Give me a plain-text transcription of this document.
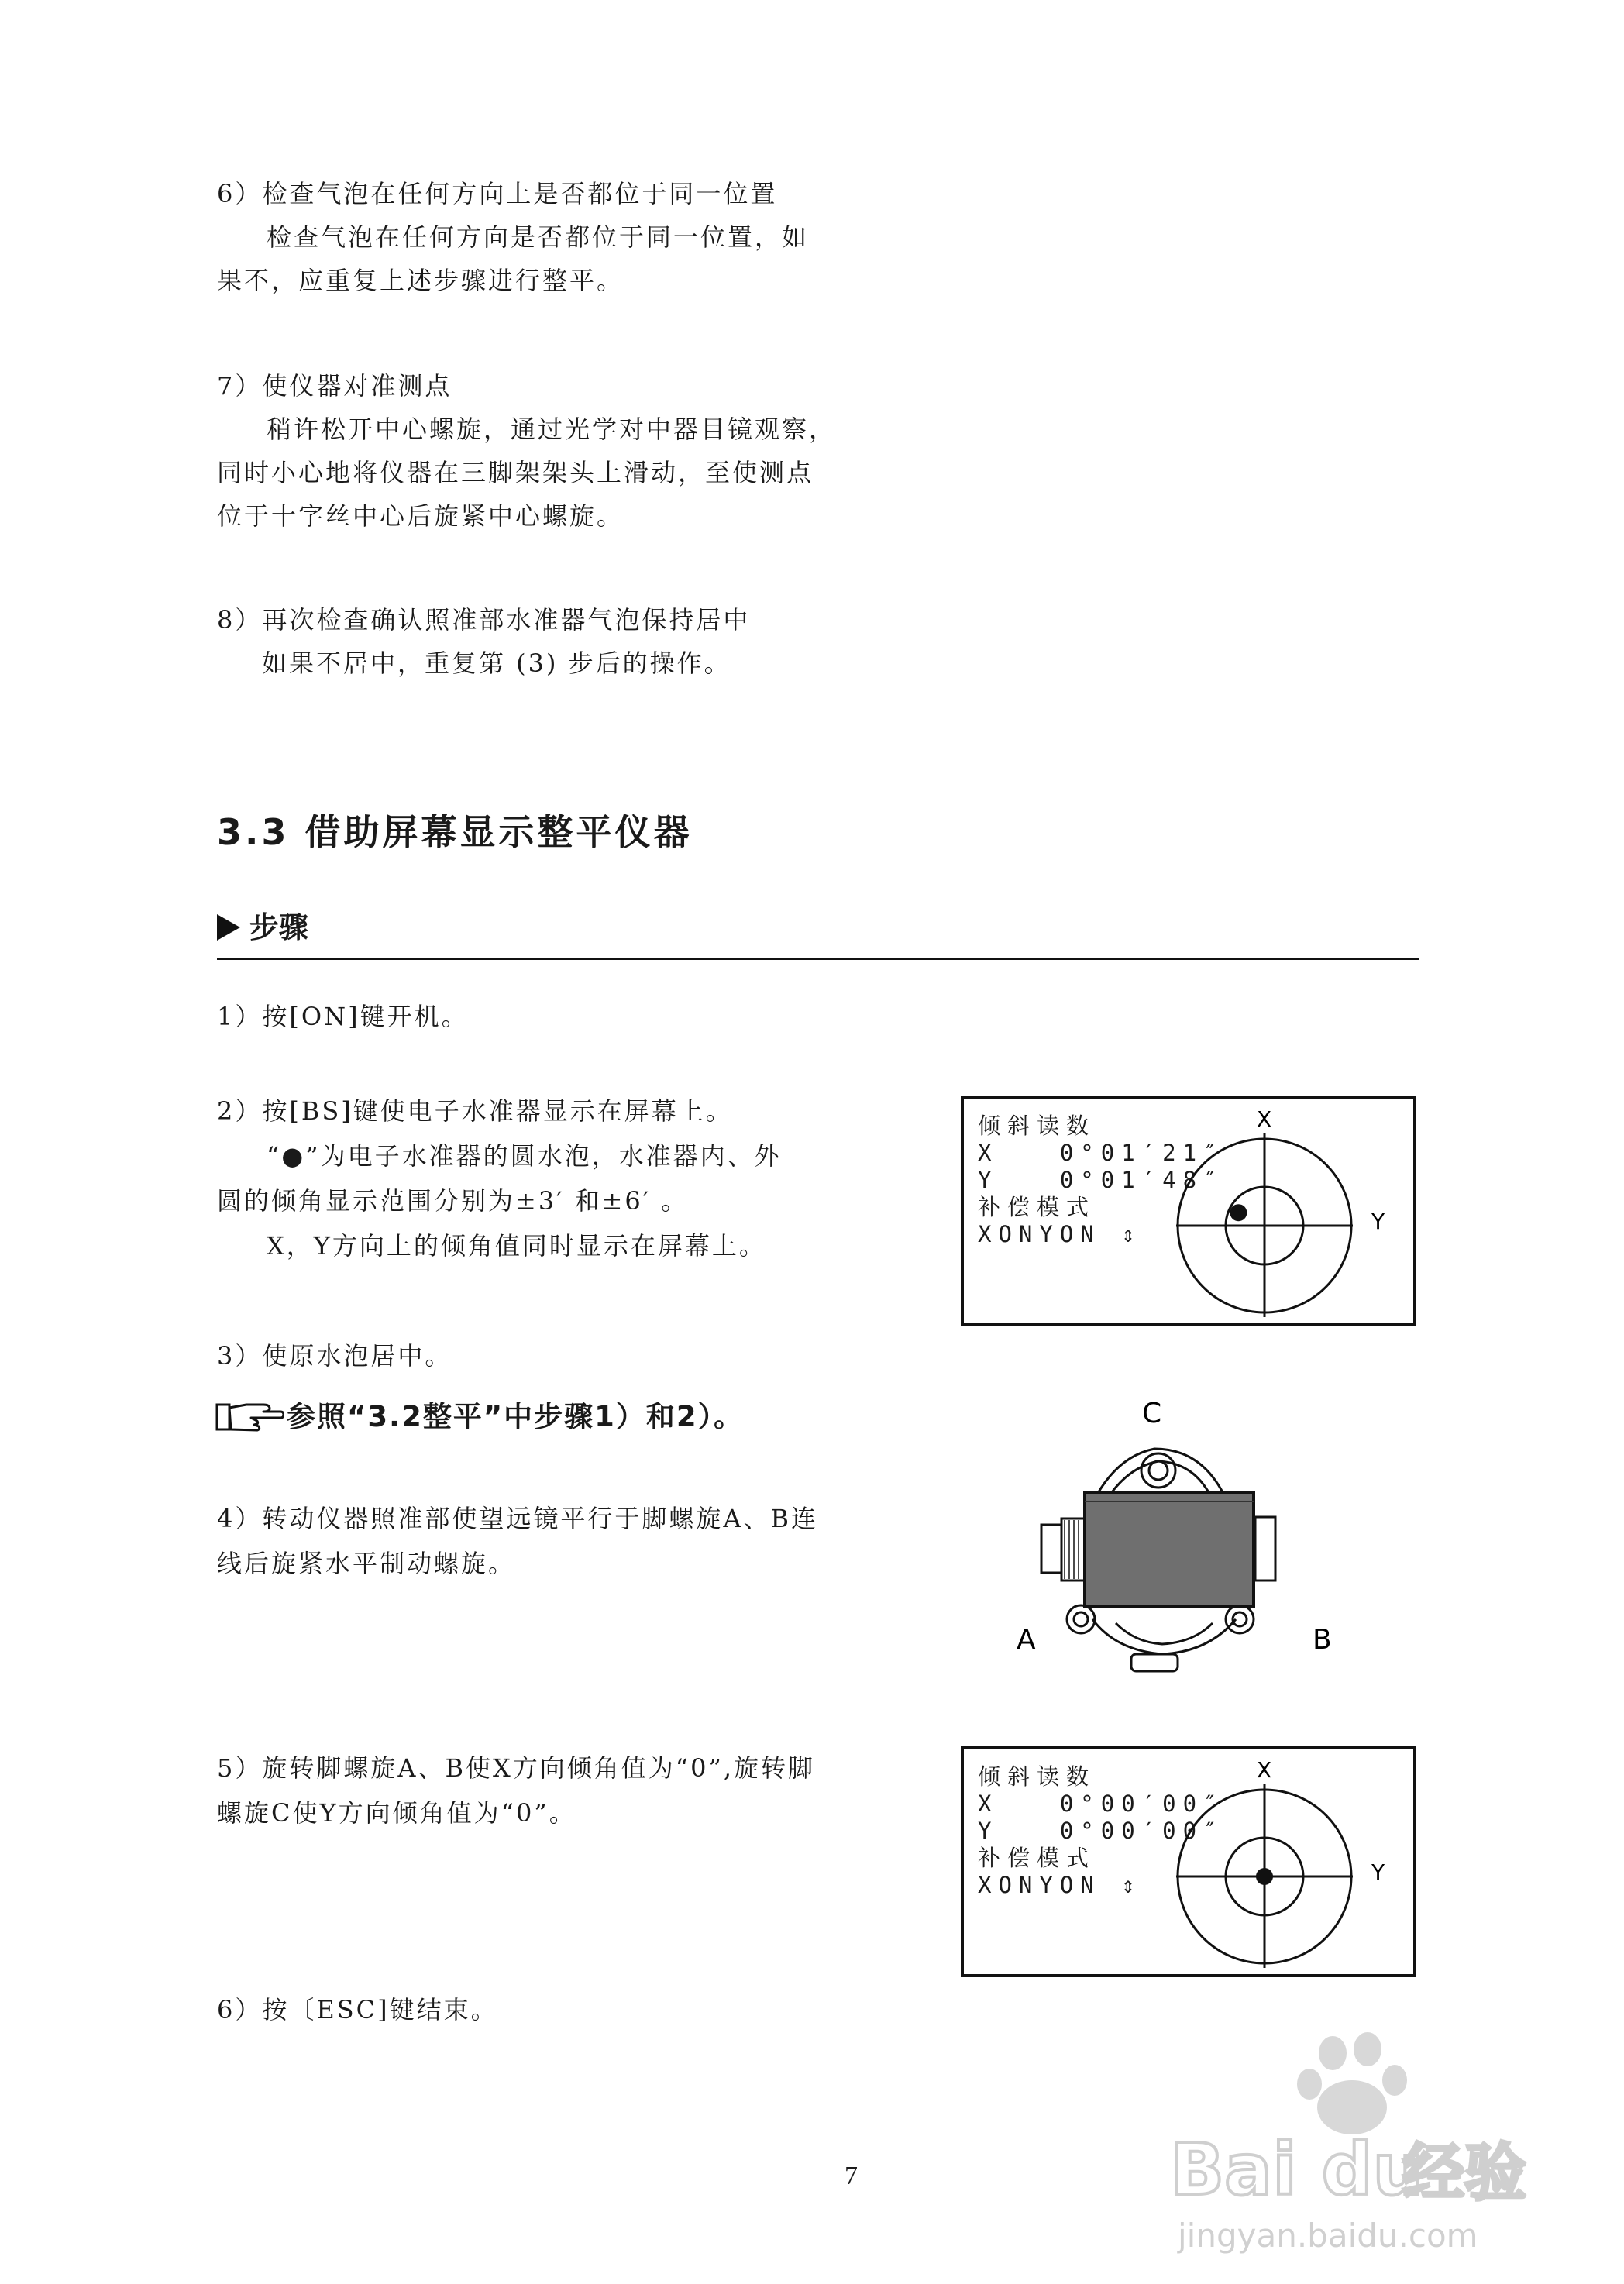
6）检查气泡在任何方向上是否都位于同一位置
检查气泡在任何方向是否都位于同一位置，如
果不，应重复上述步骤进行整平。
7）使仪器对准测点
稍许松开中心螺旋，通过光学对中器目镜观察，
同时小心地将仪器在三脚架架头上滑动，至使测点
位于十字丝中心后旋紧中心螺旋。
8）再次检查确认照准部水准器气泡保持居中
如果不居中，重复第 (3) 步后的操作。
3.3 借助屏幕显示整平仪器
步骤
1）按[ON]键开机。
2）按[BS]键使电子水准器显示在屏幕上。
“●”为电子水准器的圆水泡，水准器内、外
圆的倾角显示范围分别为±3′ 和±6′ 。
X，Y方向上的倾角值同时显示在屏幕上。
3）使原水泡居中。
参照“3.2整平”中步骤1）和2）。
4）转动仪器照准部使望远镜平行于脚螺旋A、B连
线后旋紧水平制动螺旋。
5）旋转脚螺旋A、B使X方向倾角值为“0”,旋转脚
螺旋C使Y方向倾角值为“0”。
6）按〔ESC]键结束。
倾斜读数
X   0°01′21″
Y   0°01′48″
补偿模式
XONYON ⇕
X
Y
C
A	B
倾斜读数
X   0°00′00″
Y   0°00′00″
补偿模式
XONYON ⇕
X
Y
7	Bai du
经验
jingyan.baidu.com
